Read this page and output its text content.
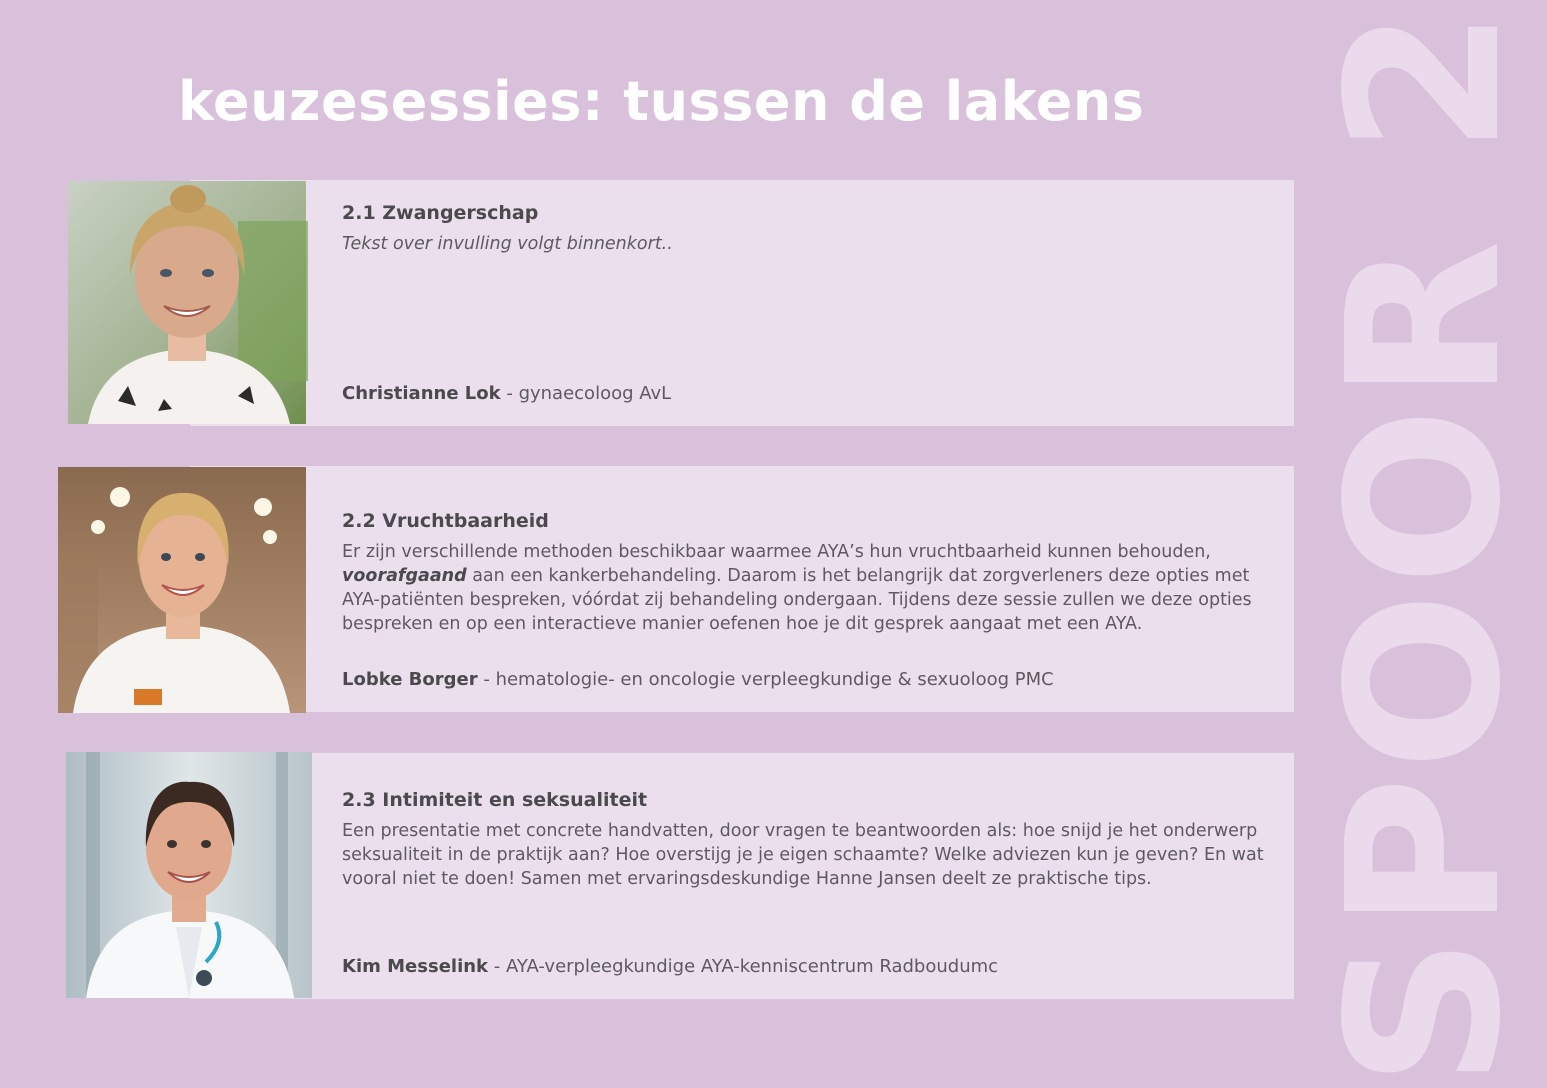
keuzesessies: tussen de lakens SPOOR 2

2.1 Zwangerschap

Tekst over invulling volgt binnenkort..

Christianne Lok - gynaecoloog AvL

2.2 Vruchtbaarheid

Er zijn verschillende methoden beschikbaar waarmee AYA’s hun vruchtbaarheid kunnen behouden, voorafgaand aan een kankerbehandeling. Daarom is het belangrijk dat zorgverleners deze opties met AYA-patiënten bespreken, vóórdat zij behandeling ondergaan. Tijdens deze sessie zullen we deze opties bespreken en op een interactieve manier oefenen hoe je dit gesprek aangaat met een AYA.

Lobke Borger - hematologie- en oncologie verpleegkundige & sexuoloog PMC

2.3 Intimiteit en seksualiteit

Een presentatie met concrete handvatten, door vragen te beantwoorden als: hoe snijd je het onderwerp seksualiteit in de praktijk aan? Hoe overstijg je je eigen schaamte? Welke adviezen kun je geven? En wat vooral niet te doen! Samen met ervaringsdeskundige Hanne Jansen deelt ze praktische tips.

Kim Messelink - AYA-verpleegkundige AYA-kenniscentrum Radboudumc
